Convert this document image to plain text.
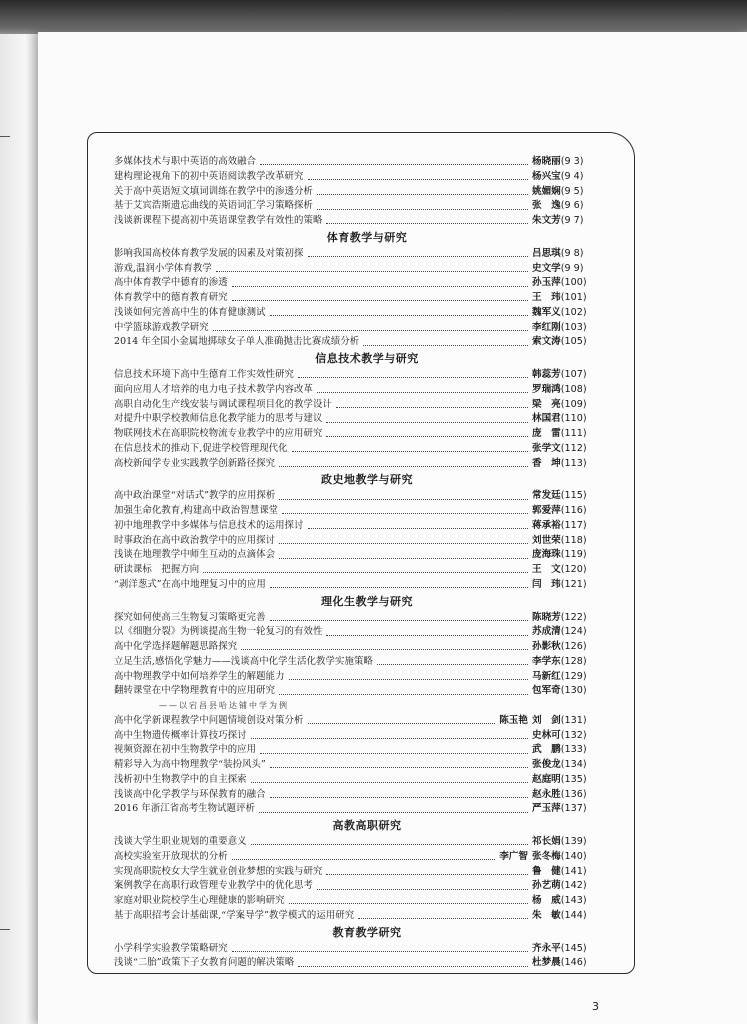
多媒体技术与职中英语的高效融合	杨晓丽(9 3)
建构理论视角下的初中英语阅读教学改革研究	杨兴宝(9 4)
关于高中英语短文填词训练在教学中的渗透分析	姚媚娴(9 5)
基于艾宾浩斯遗忘曲线的英语词汇学习策略探析	张　逸(9 6)
浅谈新课程下提高初中英语课堂教学有效性的策略	朱文芳(9 7)
体育教学与研究
影响我国高校体育教学发展的因素及对策初探	吕思琪(9 8)
游戏,温润小学体育教学	史文学(9 9)
高中体育教学中德育的渗透	孙玉萍(100)
体育教学中的德育教育研究	王　玮(101)
浅谈如何完善高中生的体育健康测试	魏军义(102)
中学篮球游戏教学研究	李红刚(103)
2014 年全国小金属地掷球女子单人准确抛击比赛成绩分析	索文涛(105)
信息技术教学与研究
信息技术环境下高中生德育工作实效性研究	韩蕊芳(107)
面向应用人才培养的电力电子技术教学内容改革	罗瑞鸿(108)
高职自动化生产线安装与调试课程项目化的教学设计	梁　亮(109)
对提升中职学校教师信息化教学能力的思考与建议	林国君(110)
物联网技术在高职院校物流专业教学中的应用研究	庞　雷(111)
在信息技术的推动下,促进学校管理现代化	张学文(112)
高校新闻学专业实践教学创新路径探究	香　坤(113)
政史地教学与研究
高中政治课堂“对话式”教学的应用探析	常发廷(115)
加强生命化教育,构建高中政治智慧课堂	郭爱萍(116)
初中地理教学中多媒体与信息技术的运用探讨	蒋承裕(117)
时事政治在高中政治教学中的应用探讨	刘世荣(118)
浅谈在地理教学中师生互动的点滴体会	庞海珠(119)
研读课标　把握方向	王　文(120)
“剥洋葱式”在高中地理复习中的应用	闫　玮(121)
理化生教学与研究
探究如何使高三生物复习策略更完善	陈晓芳(122)
以《细胞分裂》为例谈提高生物一轮复习的有效性	苏成清(124)
高中化学选择题解题思路探究	孙影秋(126)
立足生活,感悟化学魅力——浅谈高中化学生活化教学实施策略	李学东(128)
高中物理教学中如何培养学生的解题能力	马新红(129)
翻转课堂在中学物理教育中的应用研究	包军奇(130)
——以宕昌县哈达铺中学为例
高中化学新课程教学中问题情境创设对策分析	陈玉艳 刘　剑(131)
高中生物遗传概率计算技巧探讨	史林可(132)
视频资源在初中生物教学中的应用	武　鹏(133)
精彩导入为高中物理教学“装扮风头”	张俊龙(134)
浅析初中生物教学中的自主探索	赵庭明(135)
浅谈高中化学教学与环保教育的融合	赵永胜(136)
2016 年浙江省高考生物试题评析	严玉萍(137)
高教高职研究
浅谈大学生职业规划的重要意义	祁长娟(139)
高校实验室开放现状的分析	李广智 张冬梅(140)
实现高职院校女大学生就业创业梦想的实践与研究	鲁　健(141)
案例教学在高职行政管理专业教学中的优化思考	孙艺萌(142)
家庭对职业院校学生心理健康的影响研究	杨　威(143)
基于高职招考会计基础课,“学案导学”教学模式的运用研究	朱　敏(144)
教育教学研究
小学科学实验教学策略研究	齐永平(145)
浅谈“二胎”政策下子女教育问题的解决策略	杜梦晨(146)
3
